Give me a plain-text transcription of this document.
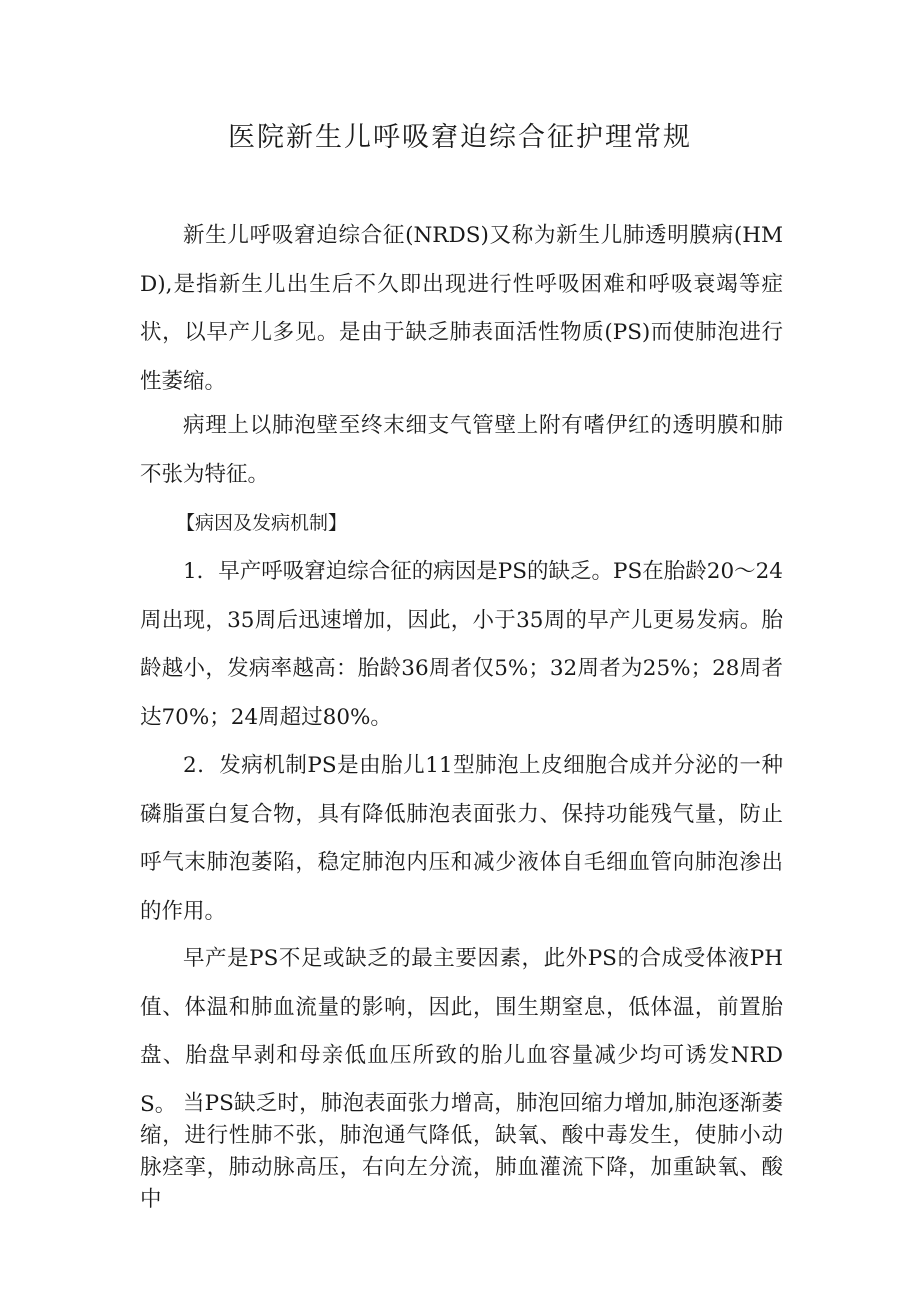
医院新生儿呼吸窘迫综合征护理常规

新生儿呼吸窘迫综合征(NRDS)又称为新生儿肺透明膜病(HMD),是指新生儿出生后不久即出现进行性呼吸困难和呼吸衰竭等症状，以早产儿多见。是由于缺乏肺表面活性物质(PS)而使肺泡进行性萎缩。

病理上以肺泡壁至终末细支气管壁上附有嗜伊红的透明膜和肺不张为特征。

【病因及发病机制】

1．早产呼吸窘迫综合征的病因是PS的缺乏。PS在胎龄20～24周出现，35周后迅速增加，因此，小于35周的早产儿更易发病。胎龄越小，发病率越高：胎龄36周者仅5%；32周者为25%；28周者达70%；24周超过80%。

2．发病机制PS是由胎儿11型肺泡上皮细胞合成并分泌的一种磷脂蛋白复合物，具有降低肺泡表面张力、保持功能残气量，防止呼气末肺泡萎陷，稳定肺泡内压和减少液体自毛细血管向肺泡渗出的作用。

早产是PS不足或缺乏的最主要因素，此外PS的合成受体液PH值、体温和肺血流量的影响，因此，围生期窒息，低体温，前置胎盘、胎盘早剥和母亲低血压所致的胎儿血容量减少均可诱发NRDS。 当PS缺乏时，肺泡表面张力增高，肺泡回缩力增加,肺泡逐渐萎缩，进行性肺不张，肺泡通气降低，缺氧、酸中毒发生，使肺小动脉痉挛，肺动脉高压，右向左分流，肺血灌流下降，加重缺氧、酸中
